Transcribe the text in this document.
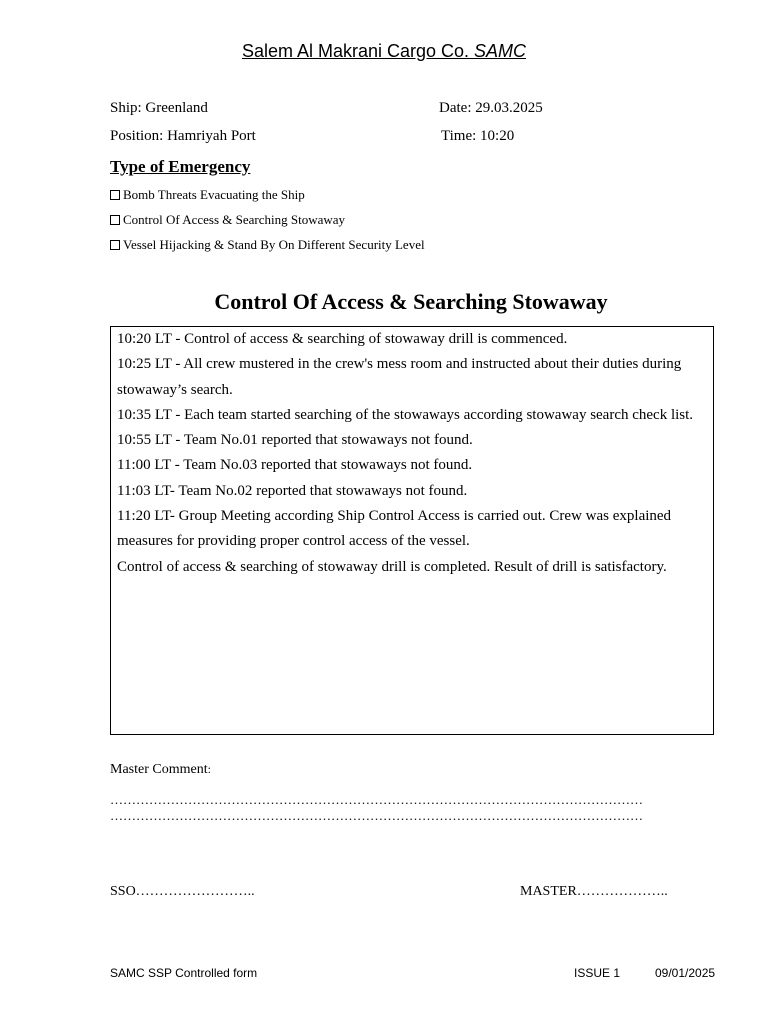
Salem Al Makrani Cargo Co. SAMC
Ship: Greenland	Date: 29.03.2025
Position: Hamriyah Port	Time: 10:20
Type of Emergency
Bomb Threats Evacuating the Ship
Control Of Access & Searching Stowaway
Vessel Hijacking & Stand By On Different Security Level
Control Of Access & Searching Stowaway
10:20 LT - Control of access & searching of stowaway drill is commenced.
10:25 LT - All crew mustered in the crew's mess room and instructed about their duties during stowaway’s search.
10:35 LT - Each team started searching of the stowaways according stowaway search check list.
10:55 LT - Team No.01 reported that stowaways not found.
11:00 LT - Team No.03 reported that stowaways not found.
11:03 LT- Team No.02 reported that stowaways not found.
11:20 LT- Group Meeting according Ship Control Access is carried out. Crew was explained measures for providing proper control access of the vessel.
Control of access & searching of stowaway drill is completed. Result of drill is satisfactory.
Master Comment:
……………………………………………………………………………………………………………
……………………………………………………………………………………………………………
SSO……………………..	MASTER………………..
SAMC SSP Controlled form	ISSUE 1	09/01/2025
